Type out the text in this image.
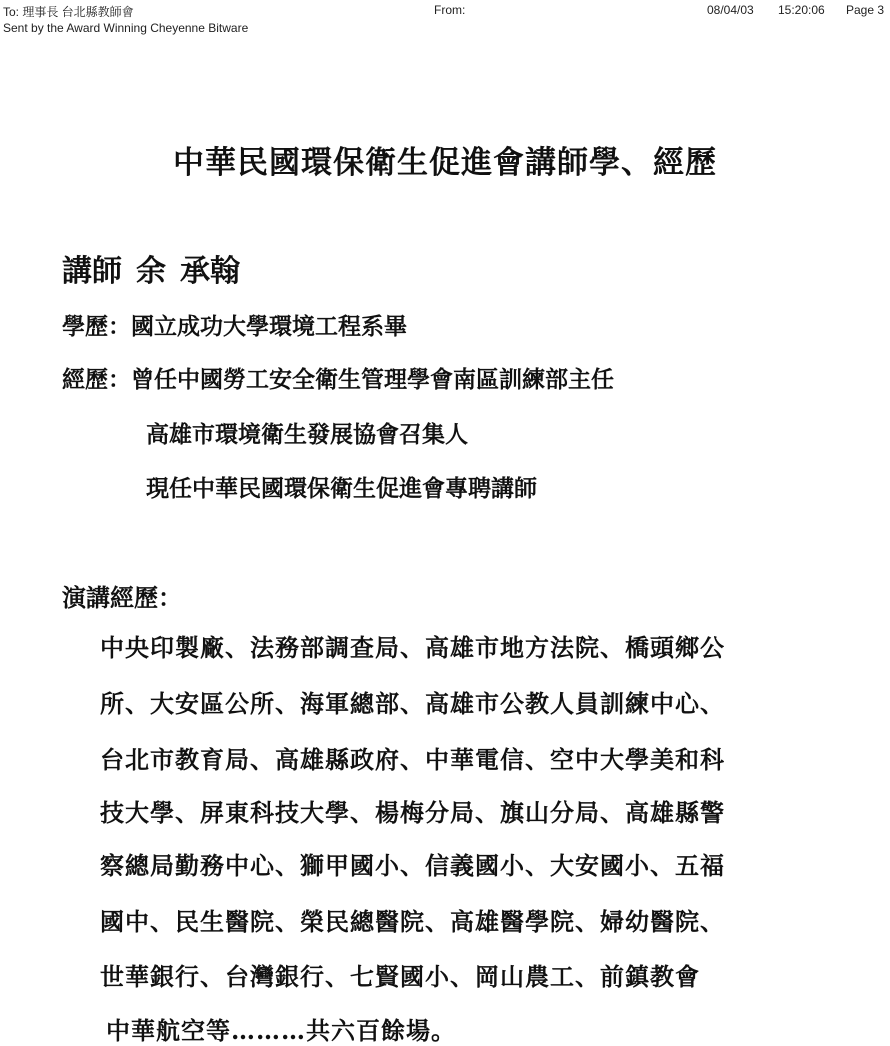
To: 理事長 台北縣教師會
Sent by the Award Winning Cheyenne Bitware
From:	08/04/03 15:20:06 Page 3
中華民國環保衛生促進會講師學、經歷
講師 余 承翰
學歷：國立成功大學環境工程系畢
經歷：曾任中國勞工安全衛生管理學會南區訓練部主任
高雄市環境衛生發展協會召集人
現任中華民國環保衛生促進會專聘講師
演講經歷：
中央印製廠、法務部調查局、高雄市地方法院、橋頭鄉公
所、大安區公所、海軍總部、高雄市公教人員訓練中心、
台北市教育局、高雄縣政府、中華電信、空中大學美和科
技大學、屏東科技大學、楊梅分局、旗山分局、高雄縣警
察總局勤務中心、獅甲國小、信義國小、大安國小、五福
國中、民生醫院、榮民總醫院、高雄醫學院、婦幼醫院、
世華銀行、台灣銀行、七賢國小、岡山農工、前鎮教會
中華航空等………共六百餘場。
